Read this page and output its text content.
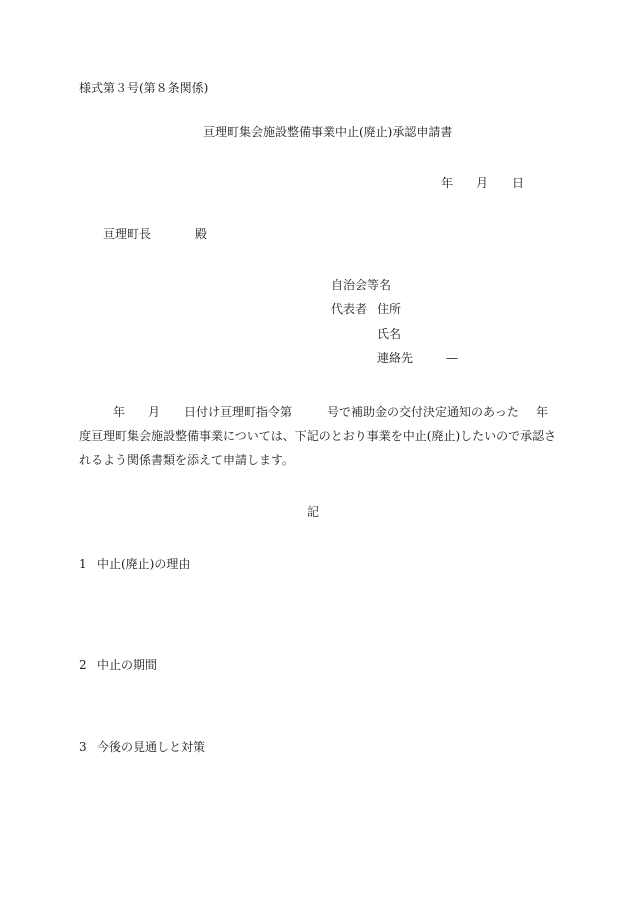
様式第３号(第８条関係)
亘理町集会施設整備事業中止(廃止)承認申請書
年 月 日
亘理町長	殿
自治会等名
代表者 住所
氏名
連絡先	—
年 月 日付け亘理町指令第	号で補助金の交付決定通知のあった 年
度亘理町集会施設整備事業については、下記のとおり事業を中止(廃止)したいので承認さ
れるよう関係書類を添えて申請します。
記
1 中止(廃止)の理由
2 中止の期間
3 今後の見通しと対策
